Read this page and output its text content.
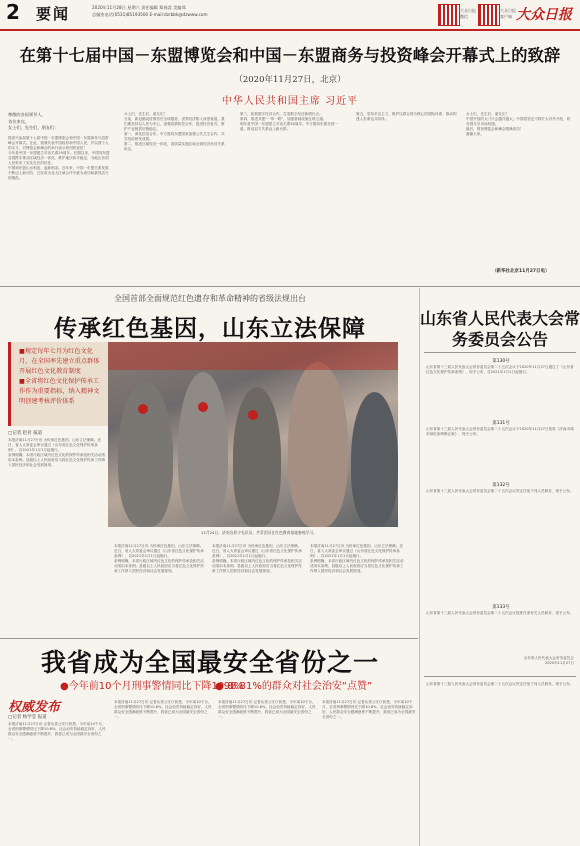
2	要闻	2020年11月28日 星期六 责任编辑 郑春睿 美编郑
总编室电话(0531)85193500 E-mail:dzrbbk@dzwww.com
大众日报微信
大众日报客户端 大众日报
在第十七届中国－东盟博览会和中国－东盟商务与投资峰会开幕式上的致辞
（2020年11月27日，北京）
中华人民共和国主席 习近平
尊敬的各国领导人，
各位来宾，
女士们，先生们，朋友们：
很高兴参加第十七届中国－东盟博览会和中国－东盟商务与投资峰会开幕式。在此，我谨代表中国政府和中国人民，并以我个人的名义，对博览会和峰会的举行表示热烈的祝贺！
今年是中国－东盟建立对话关系29周年。长期以来，中国同东盟各国携手推动区域经济一体化、维护地区和平稳定，为地区各国人民带来了实实在在的好处。
中国和东盟山水相连、血脉相亲。近年来，中国－东盟关系发展不断迈上新台阶，已经成为亚太区域合作中最为成功和最具活力的典范。
女士们、先生们、朋友们！
当前，新冠肺炎疫情仍在全球蔓延，世界经济陷入深度衰退。我们要坚持以人民为中心，加强疫情防控合作，促进经济复苏，维护产业链供应链稳定。
第一，深化抗疫合作。中方愿同东盟国家加强公共卫生合作，共享疫苗研发成果。
第二，推进区域经济一体化，高质量实施区域全面经济伙伴关系协定。
第三，拓展数字经济合作，打造数字经济新增长点。
第四，推进共建“一带一路”，加强基础设施互联互通。
明年是中国－东盟建立对话关系30周年。中方愿同东盟各国一道，推动双方关系迈上新台阶。
第五，坚持多边主义，维护以联合国为核心的国际体系，推动构建人类命运共同体。
女士们、先生们、朋友们！
中国开放的大门只会越开越大。中国将坚定不移扩大对外开放，同各国分享市场机遇。
最后，预祝博览会和峰会圆满成功！
谢谢大家。
（新华社北京11月27日电）
全国首部全面规范红色遗存和革命精神的省级法规出台
传承红色基因，山东立法保障
■规定每年七月为红色文化月，在全国率先建立重点群体开展红色文化教育制度
■全省将红色文化保护传承工作作为重要指标，纳入精神文明创建考核评价体系
□记者 赵君 报道
本报济南11月27日讯 为传承红色基因，山东立法保障。近日，省人大常委会审议通过《山东省红色文化保护传承条例》，自2021年1月1日起施行。
条例明确，本省行政区域内红色文化的保护传承及相关活动适用本条例。县级以上人民政府应当将红色文化保护传承工作纳入国民经济和社会发展规划。
11月24日，济南各界少先队员、共青团员在红色教育基地参观学习。
本报济南11月27日讯 为传承红色基因，山东立法保障。近日，省人大常委会审议通过《山东省红色文化保护传承条例》，自2021年1月1日起施行。
条例明确，本省行政区域内红色文化的保护传承及相关活动适用本条例。县级以上人民政府应当将红色文化保护传承工作纳入国民经济和社会发展规划。
本报济南11月27日讯 为传承红色基因，山东立法保障。近日，省人大常委会审议通过《山东省红色文化保护传承条例》，自2021年1月1日起施行。
条例明确，本省行政区域内红色文化的保护传承及相关活动适用本条例。县级以上人民政府应当将红色文化保护传承工作纳入国民经济和社会发展规划。
本报济南11月27日讯 为传承红色基因，山东立法保障。近日，省人大常委会审议通过《山东省红色文化保护传承条例》，自2021年1月1日起施行。
条例明确，本省行政区域内红色文化的保护传承及相关活动适用本条例。县级以上人民政府应当将红色文化保护传承工作纳入国民经济和社会发展规划。
我省成为全国最安全省份之一
●今年前10个月刑事警情同比下降10.8%
●98.81%的群众对社会治安“点赞”
权威发布
□记者 杨学莹 报道
本报济南11月27日讯 记者从省公安厅获悉，今年前10个月，全省刑事警情同比下降10.8%，社会治安持续稳定向好，人民群众安全感满意度不断提升，我省已成为全国最安全省份之一。
本报济南11月27日讯 记者从省公安厅获悉，今年前10个月，全省刑事警情同比下降10.8%，社会治安持续稳定向好，人民群众安全感满意度不断提升，我省已成为全国最安全省份之一。
本报济南11月27日讯 记者从省公安厅获悉，今年前10个月，全省刑事警情同比下降10.8%，社会治安持续稳定向好，人民群众安全感满意度不断提升，我省已成为全国最安全省份之一。
本报济南11月27日讯 记者从省公安厅获悉，今年前10个月，全省刑事警情同比下降10.8%，社会治安持续稳定向好，人民群众安全感满意度不断提升，我省已成为全国最安全省份之一。
山东省人民代表大会常务委员会公告
第130号
山东省第十三届人民代表大会常务委员会第二十五次会议于2020年11月27日通过了《山东省红色文化保护传承条例》，现予公布，自2021年1月1日起施行。
第131号
山东省第十三届人民代表大会常务委员会第二十五次会议于2020年11月27日批准《济南市城市绿化条例修正案》，现予公布。
第132号
山东省第十三届人民代表大会常务委员会第二十五次会议决定任免下列人员职务，现予公布。
第133号
山东省第十三届人民代表大会常务委员会第二十五次会议批准任命有关人员职务，现予公布。
山东省人民代表大会常务委员会
2020年11月27日
山东省第十三届人民代表大会常务委员会第二十五次会议决定任免下列人员职务，现予公布。
